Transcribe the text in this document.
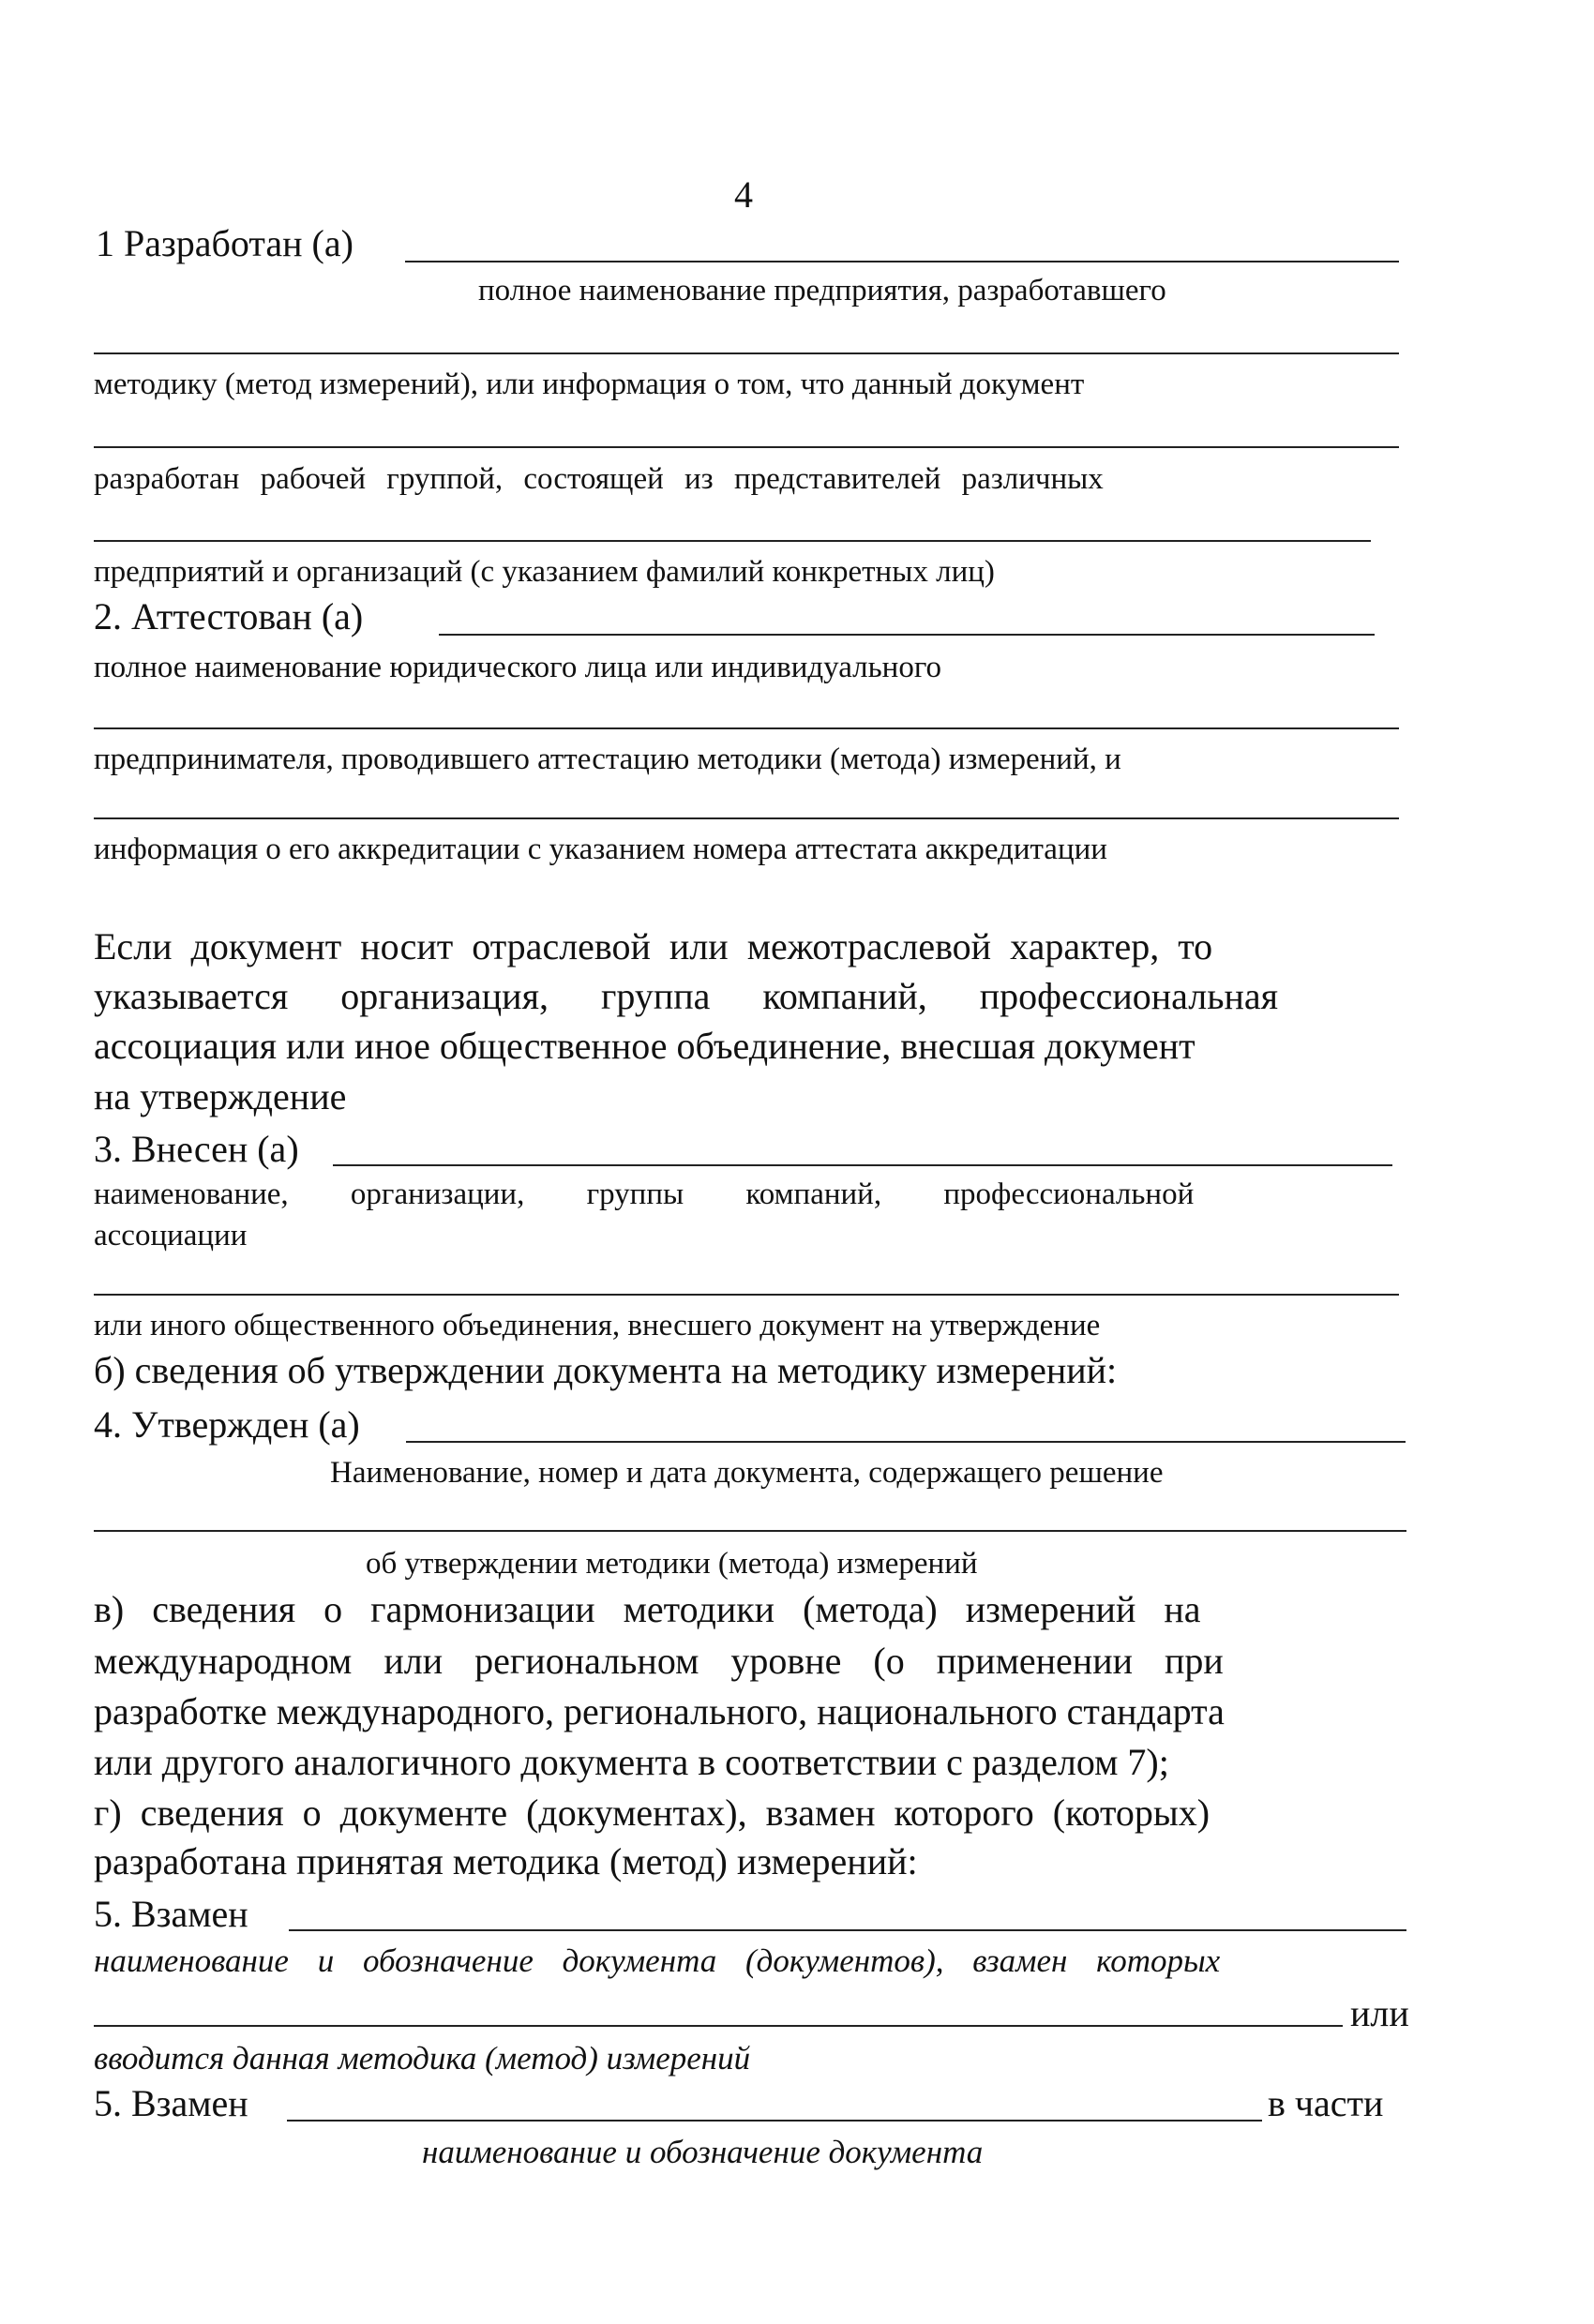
4
1 Разработан (а)
полное наименование предприятия, разработавшего
методику (метод измерений), или информация о том, что данный документ
разработан рабочей группой, состоящей из представителей различных
предприятий и организаций (с указанием фамилий конкретных лиц)
2. Аттестован (а)
полное наименование юридического лица или индивидуального
предпринимателя, проводившего аттестацию методики (метода) измерений, и
информация о его аккредитации с указанием номера аттестата аккредитации
Если документ носит отраслевой или межотраслевой характер, то
указывается организация, группа компаний, профессиональная
ассоциация или иное общественное объединение, внесшая документ
на утверждение
3. Внесен (а)
наименование, организации, группы компаний, профессиональной
ассоциации
или иного общественного объединения, внесшего документ на утверждение
б) сведения об утверждении документа на методику измерений:
4. Утвержден (а)
Наименование, номер и дата документа, содержащего решение
об утверждении методики (метода) измерений
в) сведения о гармонизации методики (метода) измерений на
международном или региональном уровне (о применении при
разработке международного, регионального, национального стандарта
или другого аналогичного документа в соответствии с разделом 7);
г) сведения о документе (документах), взамен которого (которых)
разработана принятая методика (метод) измерений:
5. Взамен
наименование и обозначение документа (документов), взамен которых
или
вводится данная методика (метод) измерений
5. Взамен	в части
наименование и обозначение документа
